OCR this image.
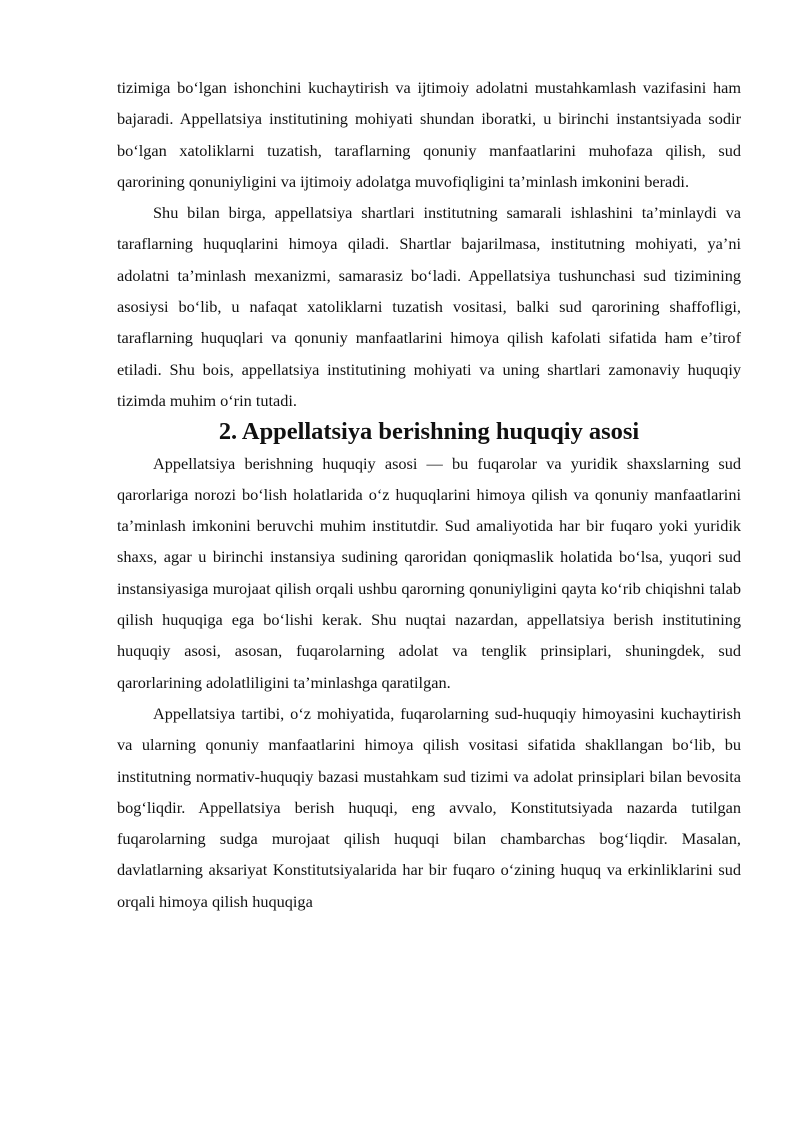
tizimiga bo‘lgan ishonchini kuchaytirish va ijtimoiy adolatni mustahkamlash vazifasini ham bajaradi. Appellatsiya institutining mohiyati shundan iboratki, u birinchi instantsiyada sodir bo‘lgan xatoliklarni tuzatish, taraflarning qonuniy manfaatlarini muhofaza qilish, sud qarorining qonuniyligini va ijtimoiy adolatga muvofiqligini ta’minlash imkonini beradi.

Shu bilan birga, appellatsiya shartlari institutning samarali ishlashini ta’minlaydi va taraflarning huquqlarini himoya qiladi. Shartlar bajarilmasa, institutning mohiyati, ya’ni adolatni ta’minlash mexanizmi, samarasiz bo‘ladi. Appellatsiya tushunchasi sud tizimining asosiysi bo‘lib, u nafaqat xatoliklarni tuzatish vositasi, balki sud qarorining shaffofligi, taraflarning huquqlari va qonuniy manfaatlarini himoya qilish kafolati sifatida ham e’tirof etiladi. Shu bois, appellatsiya institutining mohiyati va uning shartlari zamonaviy huquqiy tizimda muhim o‘rin tutadi.

2. Appellatsiya berishning huquqiy asosi

Appellatsiya berishning huquqiy asosi — bu fuqarolar va yuridik shaxslarning sud qarorlariga norozi bo‘lish holatlarida o‘z huquqlarini himoya qilish va qonuniy manfaatlarini ta’minlash imkonini beruvchi muhim institutdir. Sud amaliyotida har bir fuqaro yoki yuridik shaxs, agar u birinchi instansiya sudining qaroridan qoniqmaslik holatida bo‘lsa, yuqori sud instansiyasiga murojaat qilish orqali ushbu qarorning qonuniyligini qayta ko‘rib chiqishni talab qilish huquqiga ega bo‘lishi kerak. Shu nuqtai nazardan, appellatsiya berish institutining huquqiy asosi, asosan, fuqarolarning adolat va tenglik prinsiplari, shuningdek, sud qarorlarining adolatliligini ta’minlashga qaratilgan.

Appellatsiya tartibi, o‘z mohiyatida, fuqarolarning sud-huquqiy himoyasini kuchaytirish va ularning qonuniy manfaatlarini himoya qilish vositasi sifatida shakllangan bo‘lib, bu institutning normativ-huquqiy bazasi mustahkam sud tizimi va adolat prinsiplari bilan bevosita bog‘liqdir. Appellatsiya berish huquqi, eng avvalo, Konstitutsiyada nazarda tutilgan fuqarolarning sudga murojaat qilish huquqi bilan chambarchas bog‘liqdir. Masalan, davlatlarning aksariyat Konstitutsiyalarida har bir fuqaro o‘zining huquq va erkinliklarini sud orqali himoya qilish huquqiga
